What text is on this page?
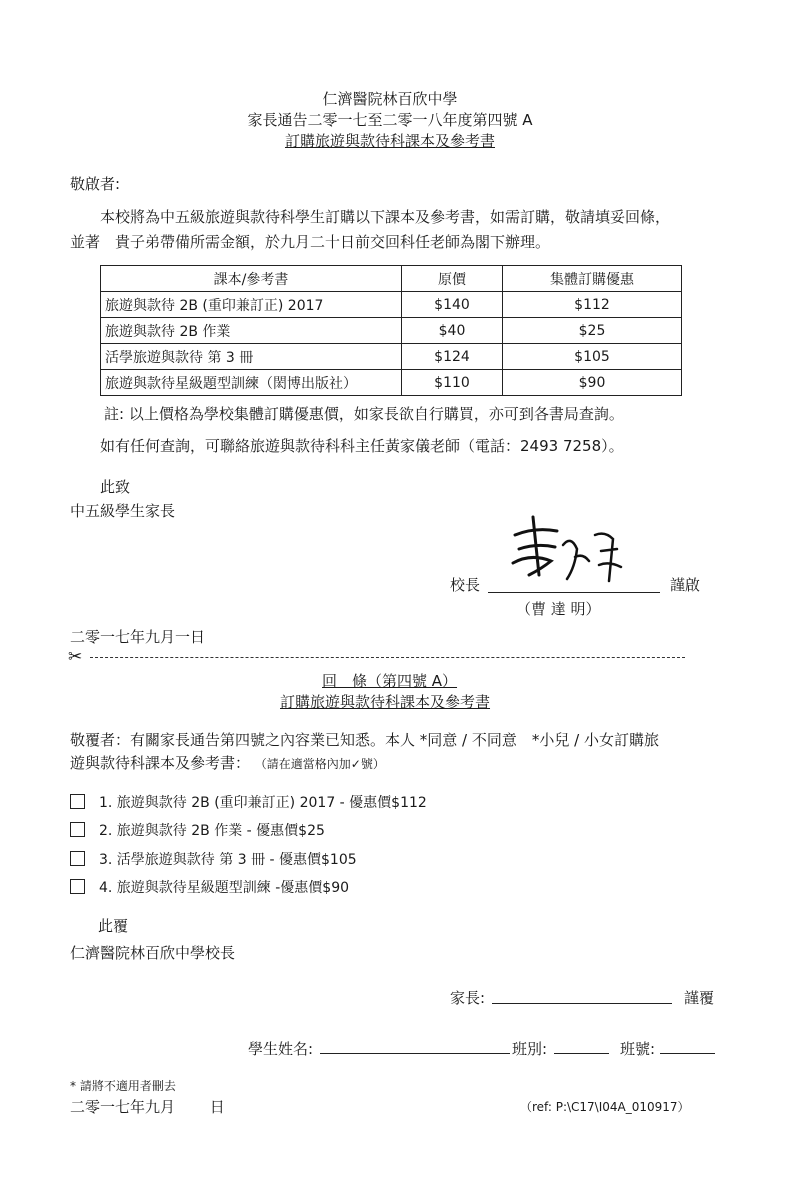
仁濟醫院林百欣中學
家長通告二零一七至二零一八年度第四號 A
訂購旅遊與款待科課本及參考書
敬啟者:
本校將為中五級旅遊與款待科學生訂購以下課本及參考書，如需訂購，敬請填妥回條，
並著　貴子弟帶備所需金額，於九月二十日前交回科任老師為閣下辦理。
課本/參考書	原價	集體訂購優惠
旅遊與款待 2B (重印兼訂正) 2017	$140	$112
旅遊與款待 2B 作業	$40	$25
活學旅遊與款待 第 3 冊	$124	$105
旅遊與款待星級題型訓練（閎博出版社）	$110	$90
註: 以上價格為學校集體訂購優惠價，如家長欲自行購買，亦可到各書局查詢。
如有任何查詢，可聯絡旅遊與款待科科主任黃家儀老師（電話：2493 7258）。
此致
中五級學生家長
校長	謹啟
（曹 達 明）
二零一七年九月一日
✂
回　條（第四號 A）
訂購旅遊與款待科課本及參考書
敬覆者：有關家長通告第四號之內容業已知悉。本人 *同意 / 不同意　*小兒 / 小女訂購旅
遊與款待科課本及參考書： （請在適當格內加✓號）
1. 旅遊與款待 2B (重印兼訂正) 2017 - 優惠價$112
2. 旅遊與款待 2B 作業 - 優惠價$25
3. 活學旅遊與款待 第 3 冊 - 優惠價$105
4. 旅遊與款待星級題型訓練 -優惠價$90
此覆
仁濟醫院林百欣中學校長
家長:	謹覆
學生姓名:	班別:	班號:
* 請將不適用者刪去
二零一七年九月　　 日	（ref: P:\C17\I04A_010917）
